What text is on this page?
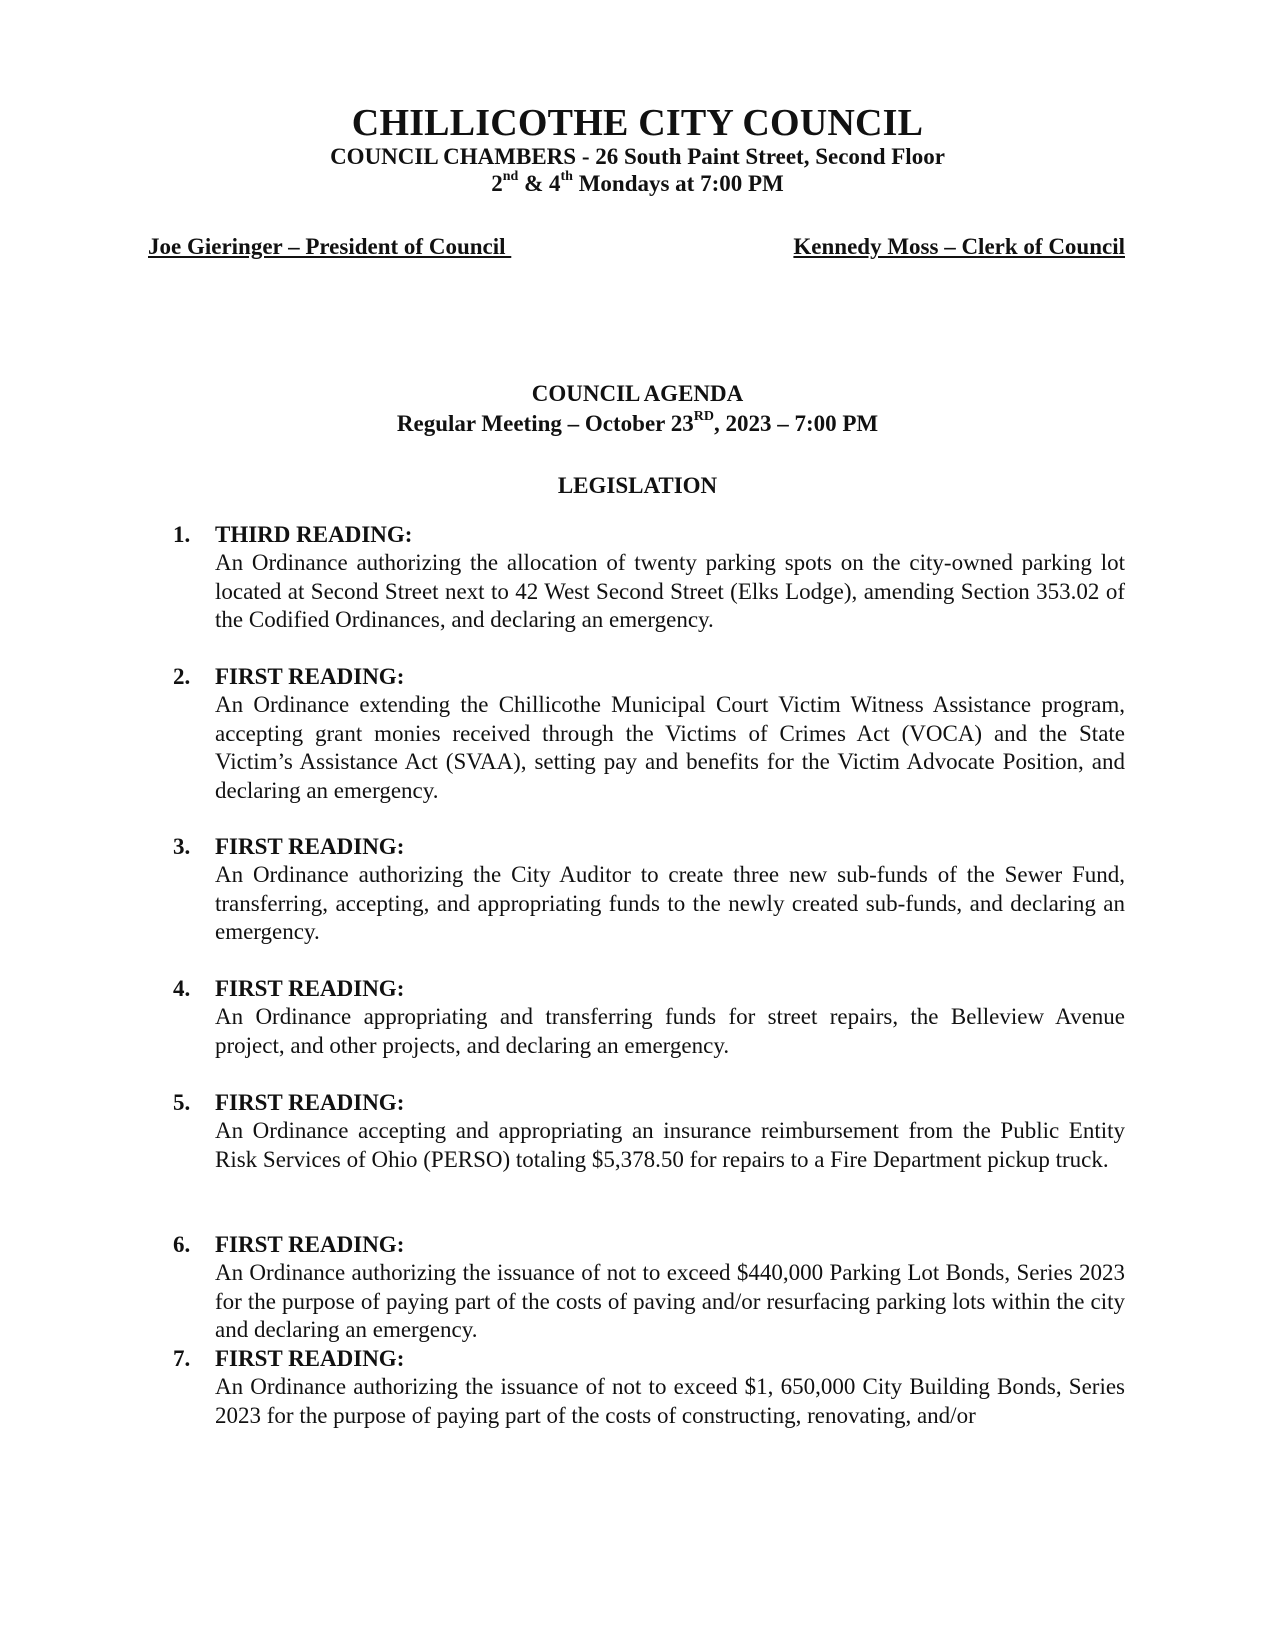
CHILLICOTHE CITY COUNCIL
COUNCIL CHAMBERS - 26 South Paint Street, Second Floor
2nd & 4th Mondays at 7:00 PM
Joe Gieringer – President of Council	Kennedy Moss – Clerk of Council
COUNCIL AGENDA
Regular Meeting – October 23RD, 2023 – 7:00 PM
LEGISLATION
1. THIRD READING:
An Ordinance authorizing the allocation of twenty parking spots on the city-owned parking lot located at Second Street next to 42 West Second Street (Elks Lodge), amending Section 353.02 of the Codified Ordinances, and declaring an emergency.
2. FIRST READING:
An Ordinance extending the Chillicothe Municipal Court Victim Witness Assistance program, accepting grant monies received through the Victims of Crimes Act (VOCA) and the State Victim’s Assistance Act (SVAA), setting pay and benefits for the Victim Advocate Position, and declaring an emergency.
3. FIRST READING:
An Ordinance authorizing the City Auditor to create three new sub-funds of the Sewer Fund, transferring, accepting, and appropriating funds to the newly created sub-funds, and declaring an emergency.
4. FIRST READING:
An Ordinance appropriating and transferring funds for street repairs, the Belleview Avenue project, and other projects, and declaring an emergency.
5. FIRST READING:
An Ordinance accepting and appropriating an insurance reimbursement from the Public Entity Risk Services of Ohio (PERSO) totaling $5,378.50 for repairs to a Fire Department pickup truck.
6. FIRST READING:
An Ordinance authorizing the issuance of not to exceed $440,000 Parking Lot Bonds, Series 2023 for the purpose of paying part of the costs of paving and/or resurfacing parking lots within the city and declaring an emergency.
7. FIRST READING:
An Ordinance authorizing the issuance of not to exceed $1, 650,000 City Building Bonds, Series 2023 for the purpose of paying part of the costs of constructing, renovating, and/or
